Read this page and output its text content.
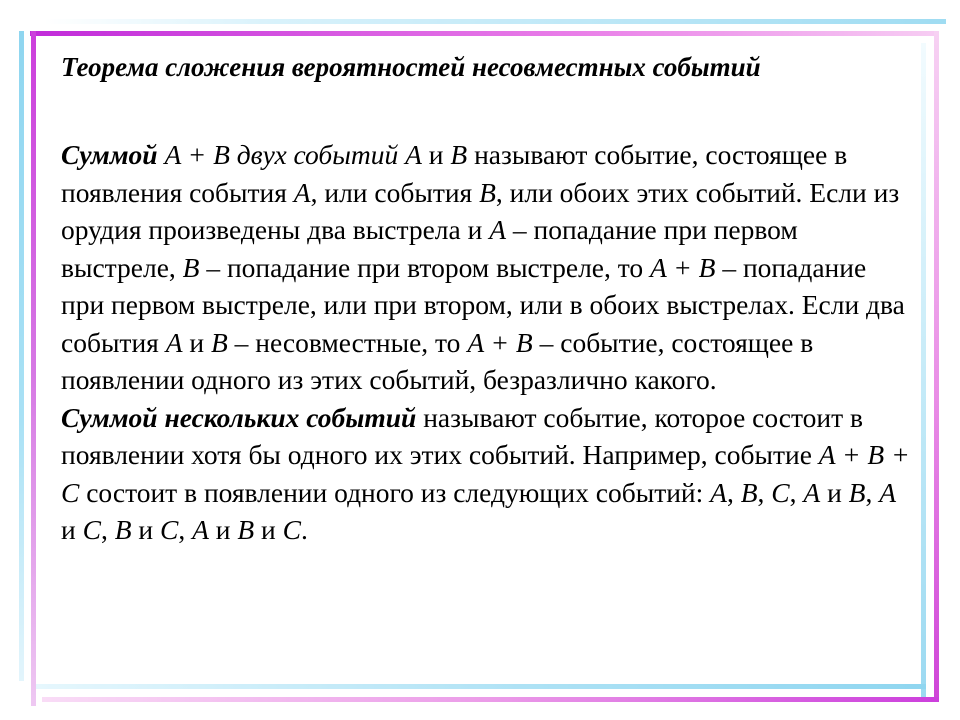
Теорема сложения вероятностей несовместных событий

Суммой A + B двух событий A и B называют событие, состоящее в появления события A, или события B, или обоих этих событий. Если из орудия произведены два выстрела и A – попадание при первом выстреле, B – попадание при втором выстреле, то A + B – попадание при первом выстреле, или при втором, или в обоих выстрелах. Если два события A и B – несовместные, то A + B – событие, состоящее в появлении одного из этих событий, безразлично какого.

Суммой нескольких событий называют событие, которое состоит в появлении хотя бы одного их этих событий. Например, событие A + B + C состоит в появлении одного из следующих событий: A, B, C, A и B, A и C, B и C, A и B и C.
